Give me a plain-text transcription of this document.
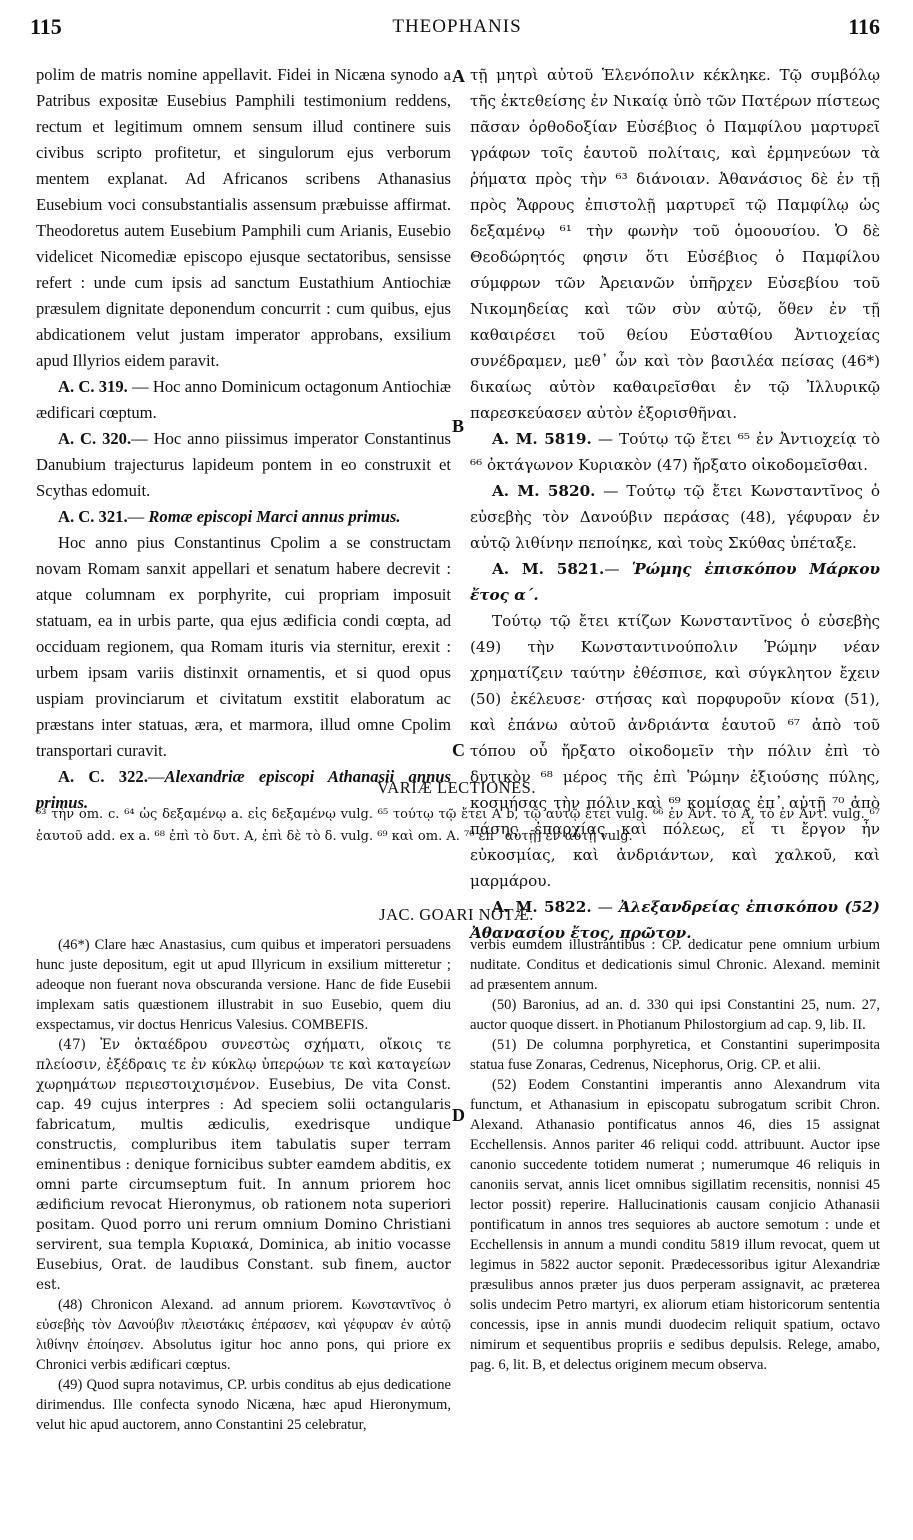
115	THEOPHANIS	116

polim de matris nomine appellavit. Fidei in Nicæna synodo a Patribus expositæ Eusebius Pamphili testimonium reddens, rectum et legitimum omnem sensum illud continere suis civibus scripto profitetur, et singulorum ejus verborum mentem explanat. Ad Africanos scribens Athanasius Eusebium voci consubstantialis assensum præbuisse affirmat. Theodoretus autem Eusebium Pamphili cum Arianis, Eusebio videlicet Nicomediæ episcopo ejusque sectatoribus, sensisse refert : unde cum ipsis ad sanctum Eustathium Antiochiæ præsulem dignitate deponendum concurrit : cum quibus, ejus abdicationem velut justam imperator approbans, exsilium apud Illyrios eidem paravit.

A. C. 319. — Hoc anno Dominicum octagonum Antiochiæ ædificari cœptum.

A. C. 320.— Hoc anno piissimus imperator Constantinus Danubium trajecturus lapideum pontem in eo construxit et Scythas edomuit.

A. C. 321.— Romæ episcopi Marci annus primus.

Hoc anno pius Constantinus Cpolim a se constructam novam Romam sanxit appellari et senatum habere decrevit : atque columnam ex porphyrite, cui propriam imposuit statuam, ea in urbis parte, qua ejus ædificia condi cœpta, ad occiduam regionem, qua Romam ituris via sternitur, erexit : urbem ipsam variis distinxit ornamentis, et si quod opus uspiam provinciarum et civitatum exstitit elaboratum ac præstans inter statuas, æra, et marmora, illud omne Cpolim transportari curavit.

A. C. 322.—Alexandriæ episcopi Athanasii annus primus.

A
B
C
D

τῇ μητρὶ αὐτοῦ Ἑλενόπολιν κέκληκε. Τῷ συμβόλῳ τῆς ἐκτεθείσης ἐν Νικαίᾳ ὑπὸ τῶν Πατέρων πίστεως πᾶσαν ὀρθοδοξίαν Εὐσέβιος ὁ Παμφίλου μαρτυρεῖ γράφων τοῖς ἑαυτοῦ πολίταις, καὶ ἑρμηνεύων τὰ ῥήματα πρὸς τὴν ⁶³ διάνοιαν. Ἀθανάσιος δὲ ἐν τῇ πρὸς Ἄφρους ἐπιστολῇ μαρτυρεῖ τῷ Παμφίλῳ ὡς δεξαμένῳ ⁶¹ τὴν φωνὴν τοῦ ὁμοουσίου. Ὁ δὲ Θεοδώρητός φησιν ὅτι Εὐσέβιος ὁ Παμφίλου σύμφρων τῶν Ἀρειανῶν ὑπῆρχεν Εὐσεβίου τοῦ Νικομηδείας καὶ τῶν σὺν αὐτῷ, ὅθεν ἐν τῇ καθαιρέσει τοῦ θείου Εὐσταθίου Ἀντιοχείας συνέδραμεν, μεθ᾽ ὧν καὶ τὸν βασιλέα πείσας (46*) δικαίως αὐτὸν καθαιρεῖσθαι ἐν τῷ Ἰλλυρικῷ παρεσκεύασεν αὐτὸν ἐξορισθῆναι.

A. M. 5819. — Τούτῳ τῷ ἔτει ⁶⁵ ἐν Ἀντιοχείᾳ τὸ ⁶⁶ ὀκτάγωνον Κυριακὸν (47) ἤρξατο οἰκοδομεῖσθαι.

A. M. 5820. — Τούτῳ τῷ ἔτει Κωνσταντῖνος ὁ εὐσεβὴς τὸν Δανούβιν περάσας (48), γέφυραν ἐν αὐτῷ λιθίνην πεποίηκε, καὶ τοὺς Σκύθας ὑπέταξε.

A. M. 5821.— Ῥώμης ἐπισκόπου Μάρκου ἔτος α΄.

Τούτῳ τῷ ἔτει κτίζων Κωνσταντῖνος ὁ εὐσεβὴς (49) τὴν Κωνσταντινούπολιν Ῥώμην νέαν χρηματίζειν ταύτην ἐθέσπισε, καὶ σύγκλητον ἔχειν (50) ἐκέλευσε· στήσας καὶ πορφυροῦν κίονα (51), καὶ ἐπάνω αὐτοῦ ἀνδριάντα ἑαυτοῦ ⁶⁷ ἀπὸ τοῦ τόπου οὗ ἤρξατο οἰκοδομεῖν τὴν πόλιν ἐπὶ τὸ δυτικὸν ⁶⁸ μέρος τῆς ἐπὶ Ῥώμην ἐξιούσης πύλης, κοσμήσας τὴν πόλιν καὶ ⁶⁹ κομίσας ἐπ᾽ αὐτῇ ⁷⁰ ἀπὸ πάσης ἐπαρχίας καὶ πόλεως, εἴ τι ἔργον ἦν εὐκοσμίας, καὶ ἀνδριάντων, καὶ χαλκοῦ, καὶ μαρμάρου.

A. M. 5822. — Ἀλεξανδρείας ἐπισκόπου (52) Ἀθανασίου ἔτος, πρῶτον.

VARIÆ LECTIONES.
⁶³ τὴν om. c. ⁶⁴ ὡς δεξαμένῳ a. εἰς δεξαμένῳ vulg. ⁶⁵ τούτῳ τῷ ἔτει A b, τῷ αὐτῷ ἔτει vulg. ⁶⁶ ἐν Ἀντ. τὸ A, τὸ ἐν Ἀντ. vulg. ⁶⁷ ἑαυτοῦ add. ex a. ⁶⁸ ἐπὶ τὸ δυτ. A, ἐπὶ δὲ τὸ δ. vulg. ⁶⁹ καὶ om. A. ⁷⁰ ἐπ᾽ αὐτῇ] ἐν αὐτῇ vulg.
JAC. GOARI NOTÆ.

(46*) Clare hæc Anastasius, cum quibus et imperatori persuadens hunc juste depositum, egit ut apud Illyricum in exsilium mitteretur ; adeoque non fuerant nova obscuranda versione. Hanc de fide Eusebii implexam satis quæstionem illustrabit in suo Eusebio, quem diu exspectamus, vir doctus Henricus Valesius. COMBEFIS.

(47) Ἐν ὀκταέδρου συνεστὼς σχήματι, οἴκοις τε πλείοσιν, ἐξέδραις τε ἐν κύκλῳ ὑπερῴων τε καὶ καταγείων χωρημάτων περιεστοιχισμένον. Eusebius, De vita Const. cap. 49 cujus interpres : Ad speciem solii octangularis fabricatum, multis ædiculis, exedrisque undique constructis, compluribus item tabulatis super terram eminentibus : denique fornicibus subter eamdem abditis, ex omni parte circumseptum fuit. In annum priorem hoc ædificium revocat Hieronymus, ob rationem nota superiori positam. Quod porro uni rerum omnium Domino Christiani servirent, sua templa Κυριακά, Dominica, ab initio vocasse Eusebius, Orat. de laudibus Constant. sub finem, auctor est.

(48) Chronicon Alexand. ad annum priorem. Κωνσταντῖνος ὁ εὐσεβὴς τὸν Δανούβιν πλειστάκις ἐπέρασεν, καὶ γέφυραν ἐν αὐτῷ λιθίνην ἐποίησεν. Absolutus igitur hoc anno pons, qui priore ex Chronici verbis ædificari cœptus.

(49) Quod supra notavimus, CP. urbis conditus ab ejus dedicatione dirimendus. Ille confecta synodo Nicæna, hæc apud Hieronymum, velut hic apud auctorem, anno Constantini 25 celebratur,

verbis eumdem illustrantibus : CP. dedicatur pene omnium urbium nuditate. Conditus et dedicationis simul Chronic. Alexand. meminit ad præsentem annum.

(50) Baronius, ad an. d. 330 qui ipsi Constantini 25, num. 27, auctor quoque dissert. in Photianum Philostorgium ad cap. 9, lib. II.

(51) De columna porphyretica, et Constantini superimposita statua fuse Zonaras, Cedrenus, Nicephorus, Orig. CP. et alii.

(52) Eodem Constantini imperantis anno Alexandrum vita functum, et Athanasium in episcopatu subrogatum scribit Chron. Alexand. Athanasio pontificatus annos 46, dies 15 assignat Ecchellensis. Annos pariter 46 reliqui codd. attribuunt. Auctor ipse canonio succedente totidem numerat ; numerumque 46 reliquis in canoniis servat, annis licet omnibus sigillatim recensitis, nonnisi 45 lector possit) reperire. Hallucinationis causam conjicio Athanasii pontificatum in annos tres sequiores ab auctore semotum : unde et Ecchellensis in annum a mundi conditu 5819 illum revocat, quem ut legimus in 5822 auctor seponit. Prædecessoribus igitur Alexandriæ præsulibus annos præter jus duos perperam assignavit, ac præterea solis undecim Petro martyri, ex aliorum etiam historicorum sententia concessis, ipse in annis mundi duodecim reliquit spatium, octavo nimirum et sequentibus propriis e sedibus depulsis. Relege, amabo, pag. 6, lit. B, et delectus originem mecum observa.
